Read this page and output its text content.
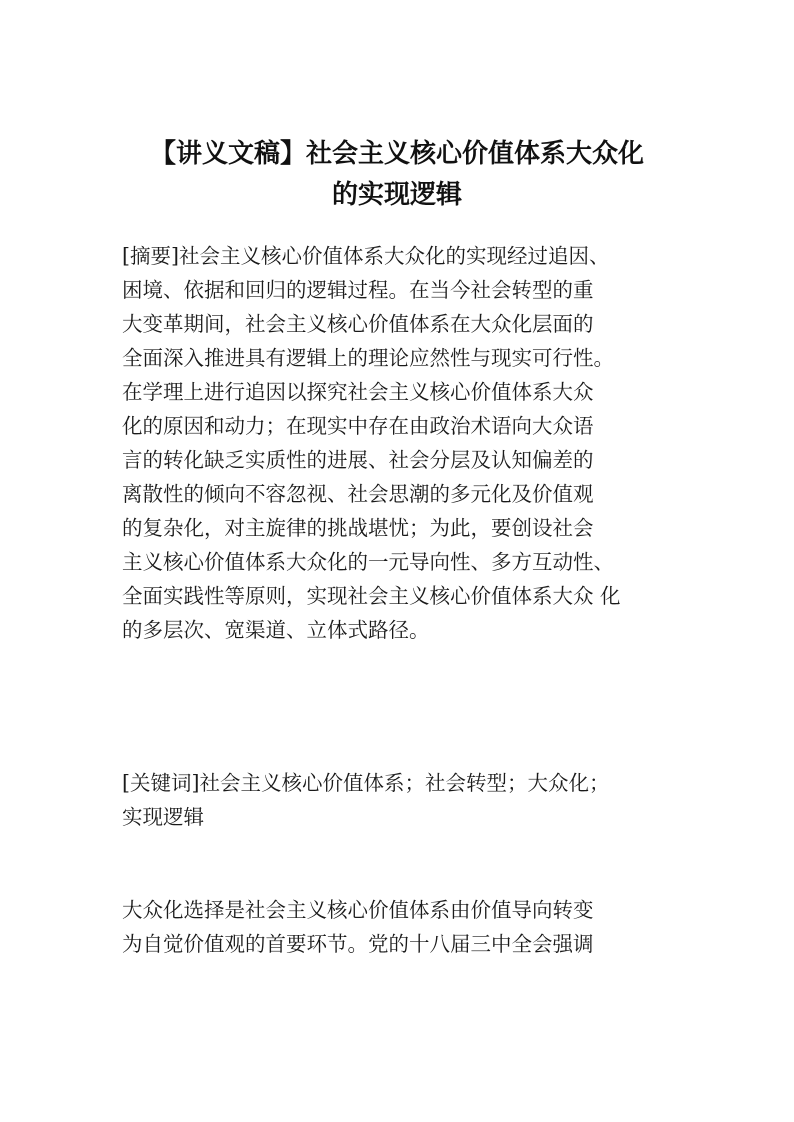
【讲义文稿】社会主义核心价值体系大众化
的实现逻辑
[摘要]社会主义核心价值体系大众化的实现经过追因、
困境、依据和回归的逻辑过程。在当今社会转型的重
大变革期间，社会主义核心价值体系在大众化层面的
全面深入推进具有逻辑上的理论应然性与现实可行性。
在学理上进行追因以探究社会主义核心价值体系大众
化的原因和动力；在现实中存在由政治术语向大众语
言的转化缺乏实质性的进展、社会分层及认知偏差的
离散性的倾向不容忽视、社会思潮的多元化及价值观
的复杂化，对主旋律的挑战堪忧；为此，要创设社会
主义核心价值体系大众化的一元导向性、多方互动性、
全面实践性等原则，实现社会主义核心价值体系大众 化
的多层次、宽渠道、立体式路径。
[关键词]社会主义核心价值体系；社会转型；大众化；
实现逻辑
大众化选择是社会主义核心价值体系由价值导向转变
为自觉价值观的首要环节。党的十八届三中全会强调
